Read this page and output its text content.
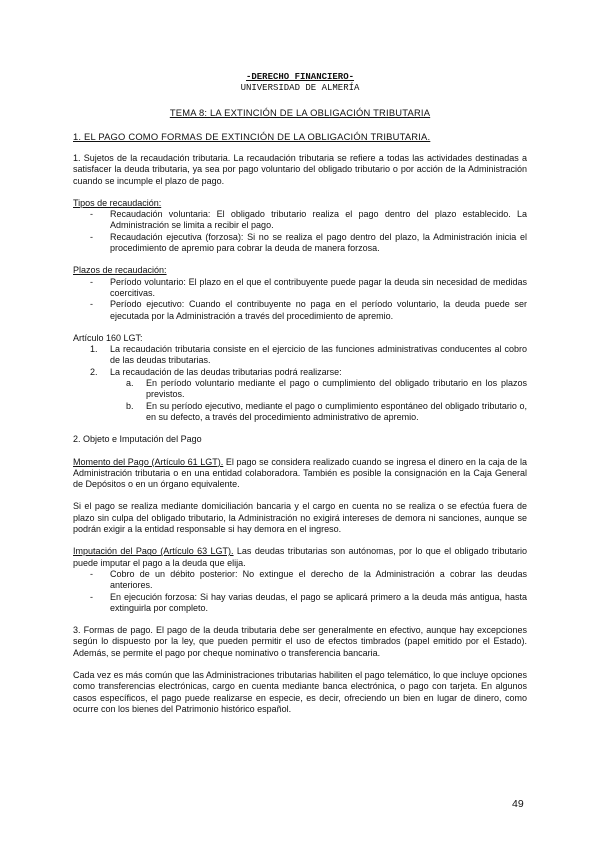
-DERECHO FINANCIERO-
UNIVERSIDAD DE ALMERÍA
TEMA 8: LA EXTINCIÓN DE LA OBLIGACIÓN TRIBUTARIA
1. EL PAGO COMO FORMAS DE EXTINCIÓN DE LA OBLIGACIÓN TRIBUTARIA.

1. Sujetos de la recaudación tributaria. La recaudación tributaria se refiere a todas las actividades destinadas a satisfacer la deuda tributaria, ya sea por pago voluntario del obligado tributario o por acción de la Administración cuando se incumple el plazo de pago.

Tipos de recaudación:
- Recaudación voluntaria: El obligado tributario realiza el pago dentro del plazo establecido. La Administración se limita a recibir el pago.
- Recaudación ejecutiva (forzosa): Si no se realiza el pago dentro del plazo, la Administración inicia el procedimiento de apremio para cobrar la deuda de manera forzosa.
Plazos de recaudación:
- Período voluntario: El plazo en el que el contribuyente puede pagar la deuda sin necesidad de medidas coercitivas.
- Período ejecutivo: Cuando el contribuyente no paga en el período voluntario, la deuda puede ser ejecutada por la Administración a través del procedimiento de apremio.
Artículo 160 LGT:
1. La recaudación tributaria consiste en el ejercicio de las funciones administrativas conducentes al cobro de las deudas tributarias.
2. La recaudación de las deudas tributarias podrá realizarse:
a. En período voluntario mediante el pago o cumplimiento del obligado tributario en los plazos previstos.
b. En su período ejecutivo, mediante el pago o cumplimiento espontáneo del obligado tributario o, en su defecto, a través del procedimiento administrativo de apremio.
2. Objeto e Imputación del Pago

Momento del Pago (Artículo 61 LGT). El pago se considera realizado cuando se ingresa el dinero en la caja de la Administración tributaria o en una entidad colaboradora. También es posible la consignación en la Caja General de Depósitos o en un órgano equivalente.

Si el pago se realiza mediante domiciliación bancaria y el cargo en cuenta no se realiza o se efectúa fuera de plazo sin culpa del obligado tributario, la Administración no exigirá intereses de demora ni sanciones, aunque se podrán exigir a la entidad responsable si hay demora en el ingreso.

Imputación del Pago (Artículo 63 LGT). Las deudas tributarias son autónomas, por lo que el obligado tributario puede imputar el pago a la deuda que elija.

- Cobro de un débito posterior: No extingue el derecho de la Administración a cobrar las deudas anteriores.
- En ejecución forzosa: Si hay varias deudas, el pago se aplicará primero a la deuda más antigua, hasta extinguirla por completo.

3. Formas de pago. El pago de la deuda tributaria debe ser generalmente en efectivo, aunque hay excepciones según lo dispuesto por la ley, que pueden permitir el uso de efectos timbrados (papel emitido por el Estado). Además, se permite el pago por cheque nominativo o transferencia bancaria.

Cada vez es más común que las Administraciones tributarias habiliten el pago telemático, lo que incluye opciones como transferencias electrónicas, cargo en cuenta mediante banca electrónica, o pago con tarjeta. En algunos casos específicos, el pago puede realizarse en especie, es decir, ofreciendo un bien en lugar de dinero, como ocurre con los bienes del Patrimonio histórico español.

49
